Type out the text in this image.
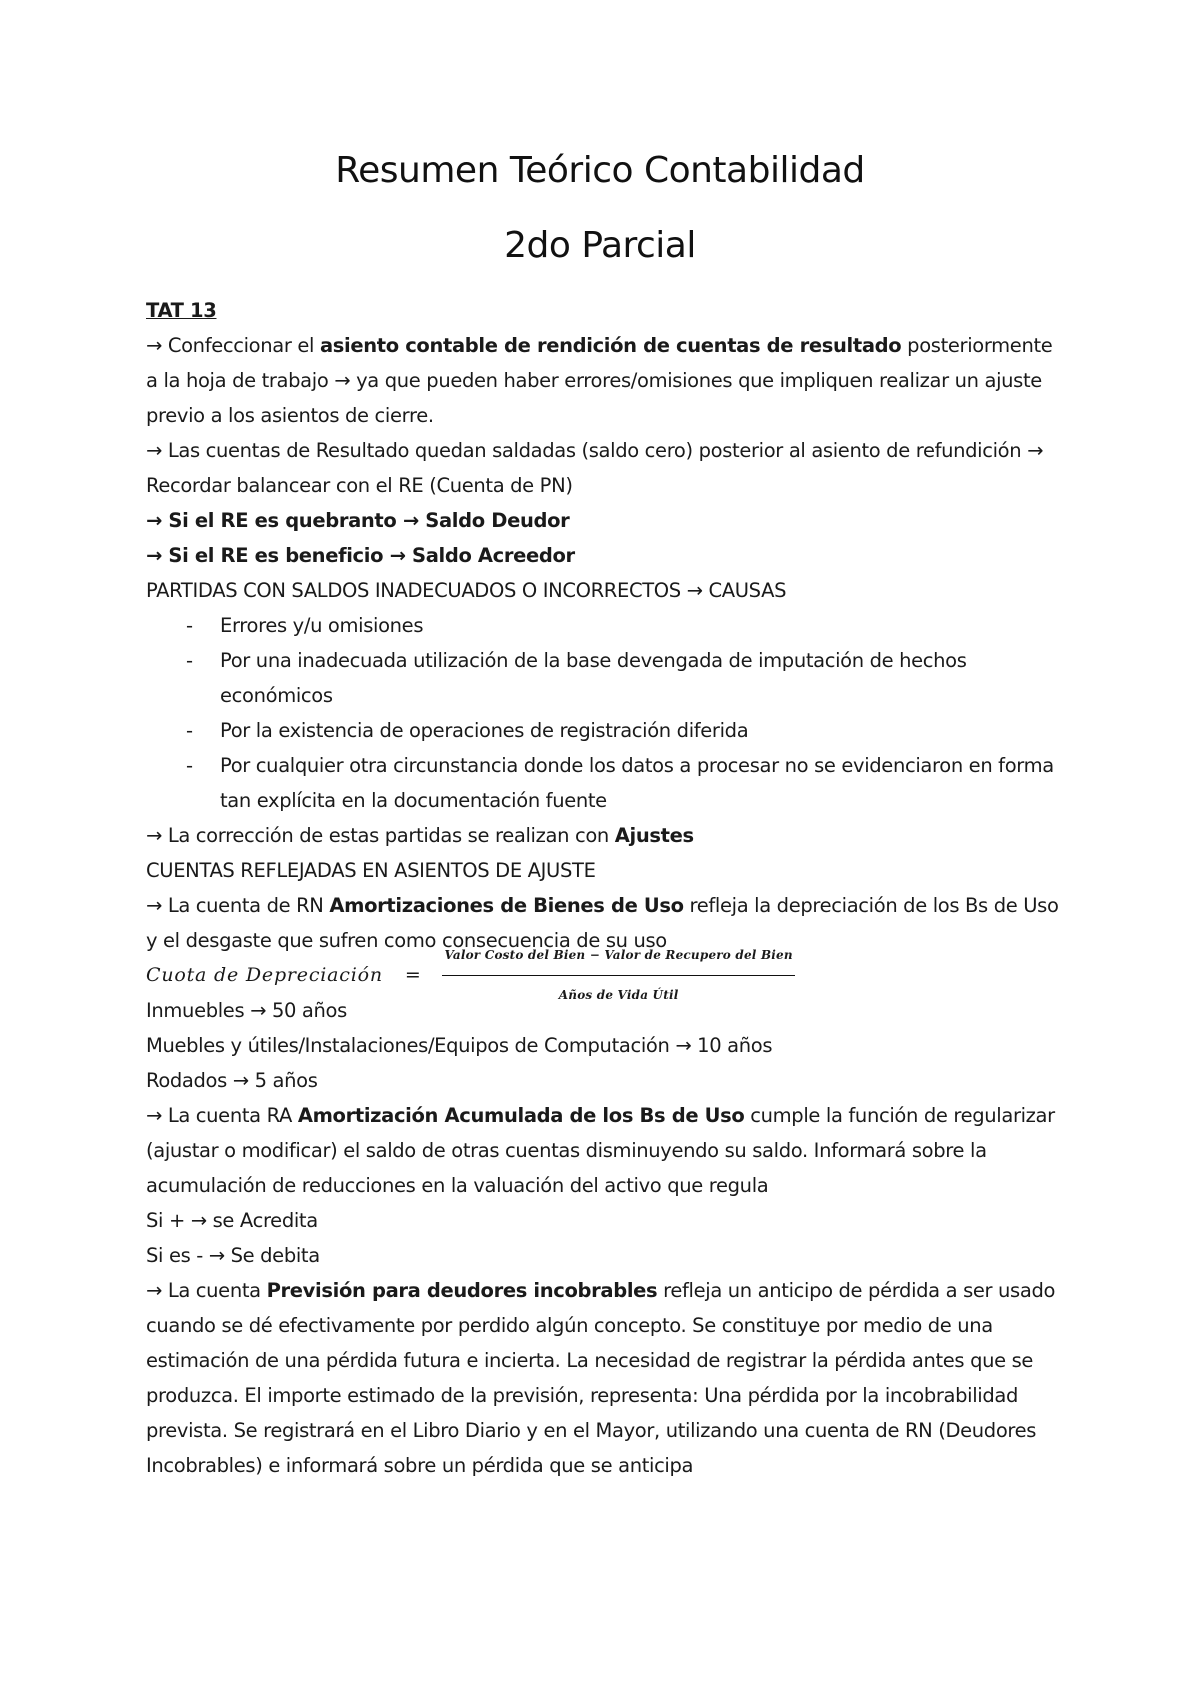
Resumen Teórico Contabilidad
2do Parcial

TAT 13

→ Confeccionar el asiento contable de rendición de cuentas de resultado posteriormente a la hoja de trabajo → ya que pueden haber errores/omisiones que impliquen realizar un ajuste previo a los asientos de cierre.

→ Las cuentas de Resultado quedan saldadas (saldo cero) posterior al asiento de refundición → Recordar balancear con el RE (Cuenta de PN)

→ Si el RE es quebranto → Saldo Deudor

→ Si el RE es beneficio → Saldo Acreedor

PARTIDAS CON SALDOS INADECUADOS O INCORRECTOS → CAUSAS

- Errores y/u omisiones

- Por una inadecuada utilización de la base devengada de imputación de hechos económicos

- Por la existencia de operaciones de registración diferida

- Por cualquier otra circunstancia donde los datos a procesar no se evidenciaron en forma tan explícita en la documentación fuente

→ La corrección de estas partidas se realizan con Ajustes

CUENTAS REFLEJADAS EN ASIENTOS DE AJUSTE

→ La cuenta de RN Amortizaciones de Bienes de Uso refleja la depreciación de los Bs de Uso y el desgaste que sufren como consecuencia de su uso

Cuota de Depreciación = $\frac{\text{Valor Costo del Bien − Valor de Recupero del Bien}}{\text{Años de Vida Útil}}$

Inmuebles → 50 años

Muebles y útiles/Instalaciones/Equipos de Computación → 10 años

Rodados → 5 años

→ La cuenta RA Amortización Acumulada de los Bs de Uso cumple la función de regularizar (ajustar o modificar) el saldo de otras cuentas disminuyendo su saldo. Informará sobre la acumulación de reducciones en la valuación del activo que regula

Si + → se Acredita

Si es - → Se debita

→ La cuenta Previsión para deudores incobrables refleja un anticipo de pérdida a ser usado cuando se dé efectivamente por perdido algún concepto. Se constituye por medio de una estimación de una pérdida futura e incierta. La necesidad de registrar la pérdida antes que se produzca. El importe estimado de la previsión, representa: Una pérdida por la incobrabilidad prevista. Se registrará en el Libro Diario y en el Mayor, utilizando una cuenta de RN (Deudores Incobrables) e informará sobre un pérdida que se anticipa
